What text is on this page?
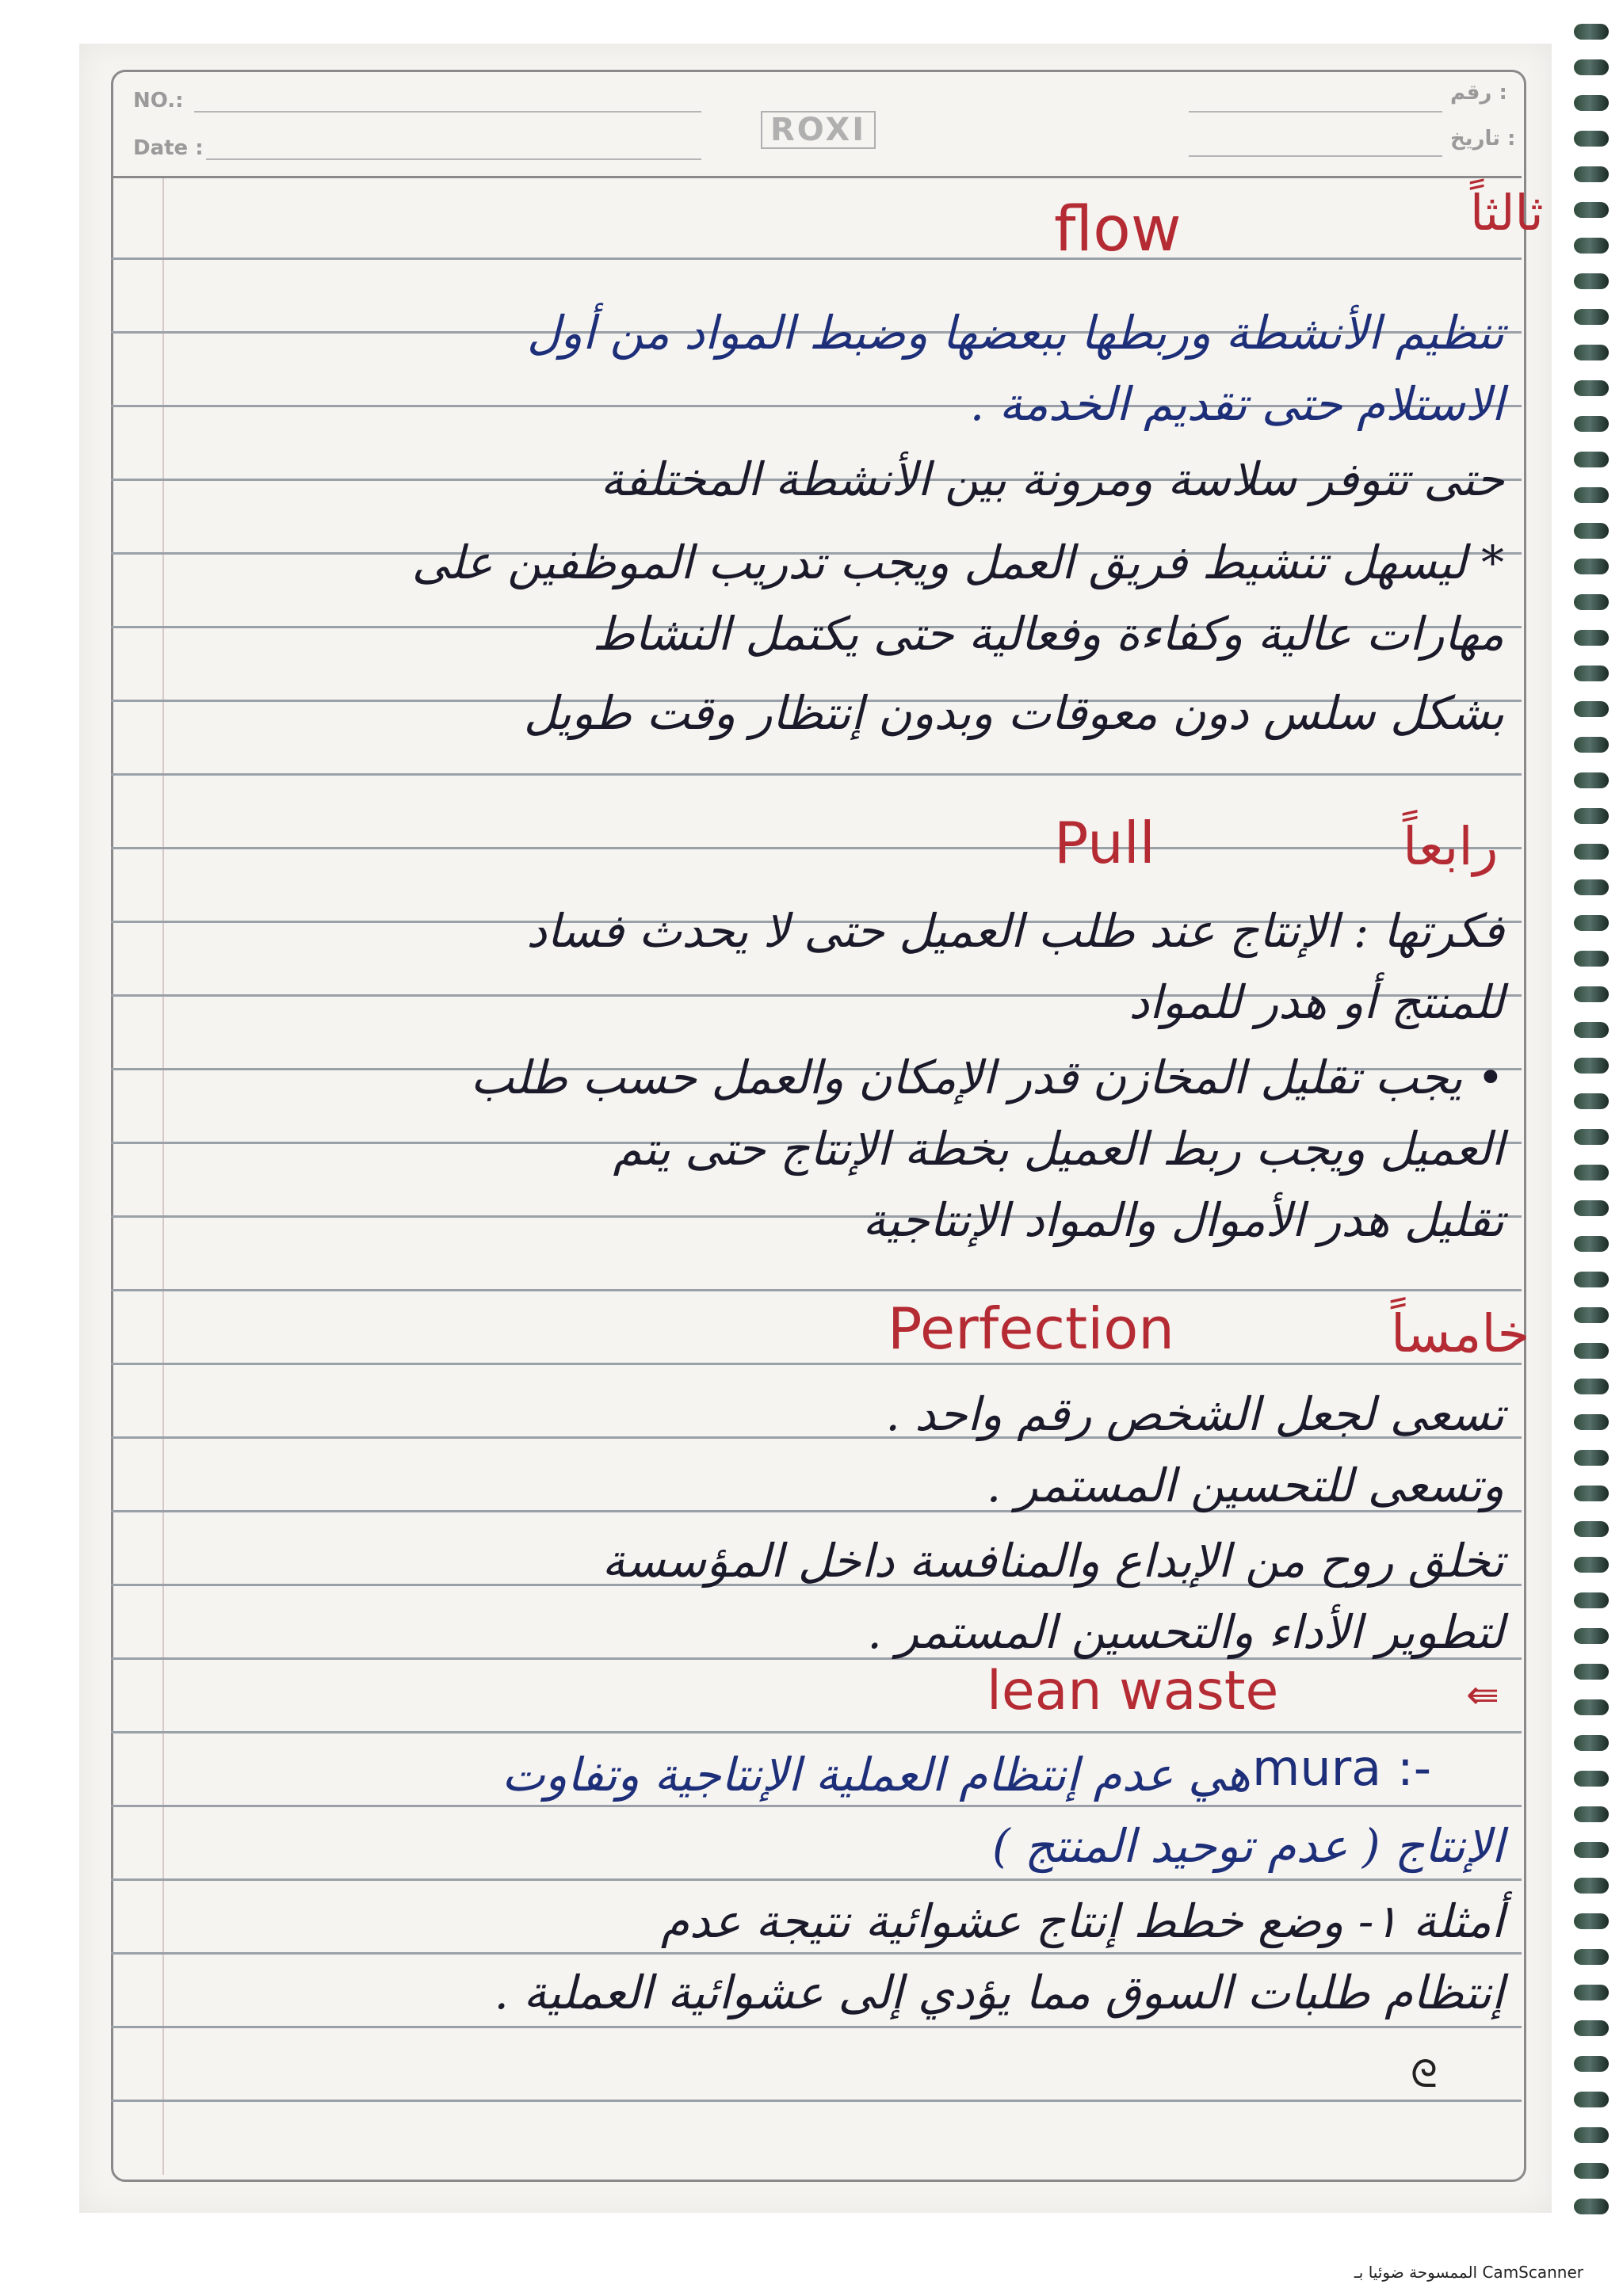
NO.:
Date :	ROXI
رقم :
تاريخ :
ثالثاً
flow
تنظيم الأنشطة وربطها ببعضها وضبط المواد من أول
الاستلام حتى تقديم الخدمة .
حتى تتوفر سلاسة ومرونة بين الأنشطة المختلفة
* ليسهل تنشيط فريق العمل ويجب تدريب الموظفين على
مهارات عالية وكفاءة وفعالية حتى يكتمل النشاط
بشكل سلس دون معوقات وبدون إنتظار وقت طويل
رابعاً
Pull
فكرتها : الإنتاج عند طلب العميل حتى لا يحدث فساد
للمنتج أو هدر للمواد
• يجب تقليل المخازن قدر الإمكان والعمل حسب طلب
العميل ويجب ربط العميل بخطة الإنتاج حتى يتم
تقليل هدر الأموال والمواد الإنتاجية
خامساً
Perfection
تسعى لجعل الشخص رقم واحد .
وتسعى للتحسين المستمر .
تخلق روح من الإبداع والمنافسة داخل المؤسسة
لتطوير الأداء والتحسين المستمر .
lean waste	⇚
mura :-
هي عدم إنتظام العملية الإنتاجية وتفاوت
الإنتاج ( عدم توحيد المنتج )
أمثلة ١- وضع خطط إنتاج عشوائية نتيجة عدم
إنتظام طلبات السوق مما يؤدي إلى عشوائية العملية .
ᘓ
الممسوحة ضوئيا بـ CamScanner
